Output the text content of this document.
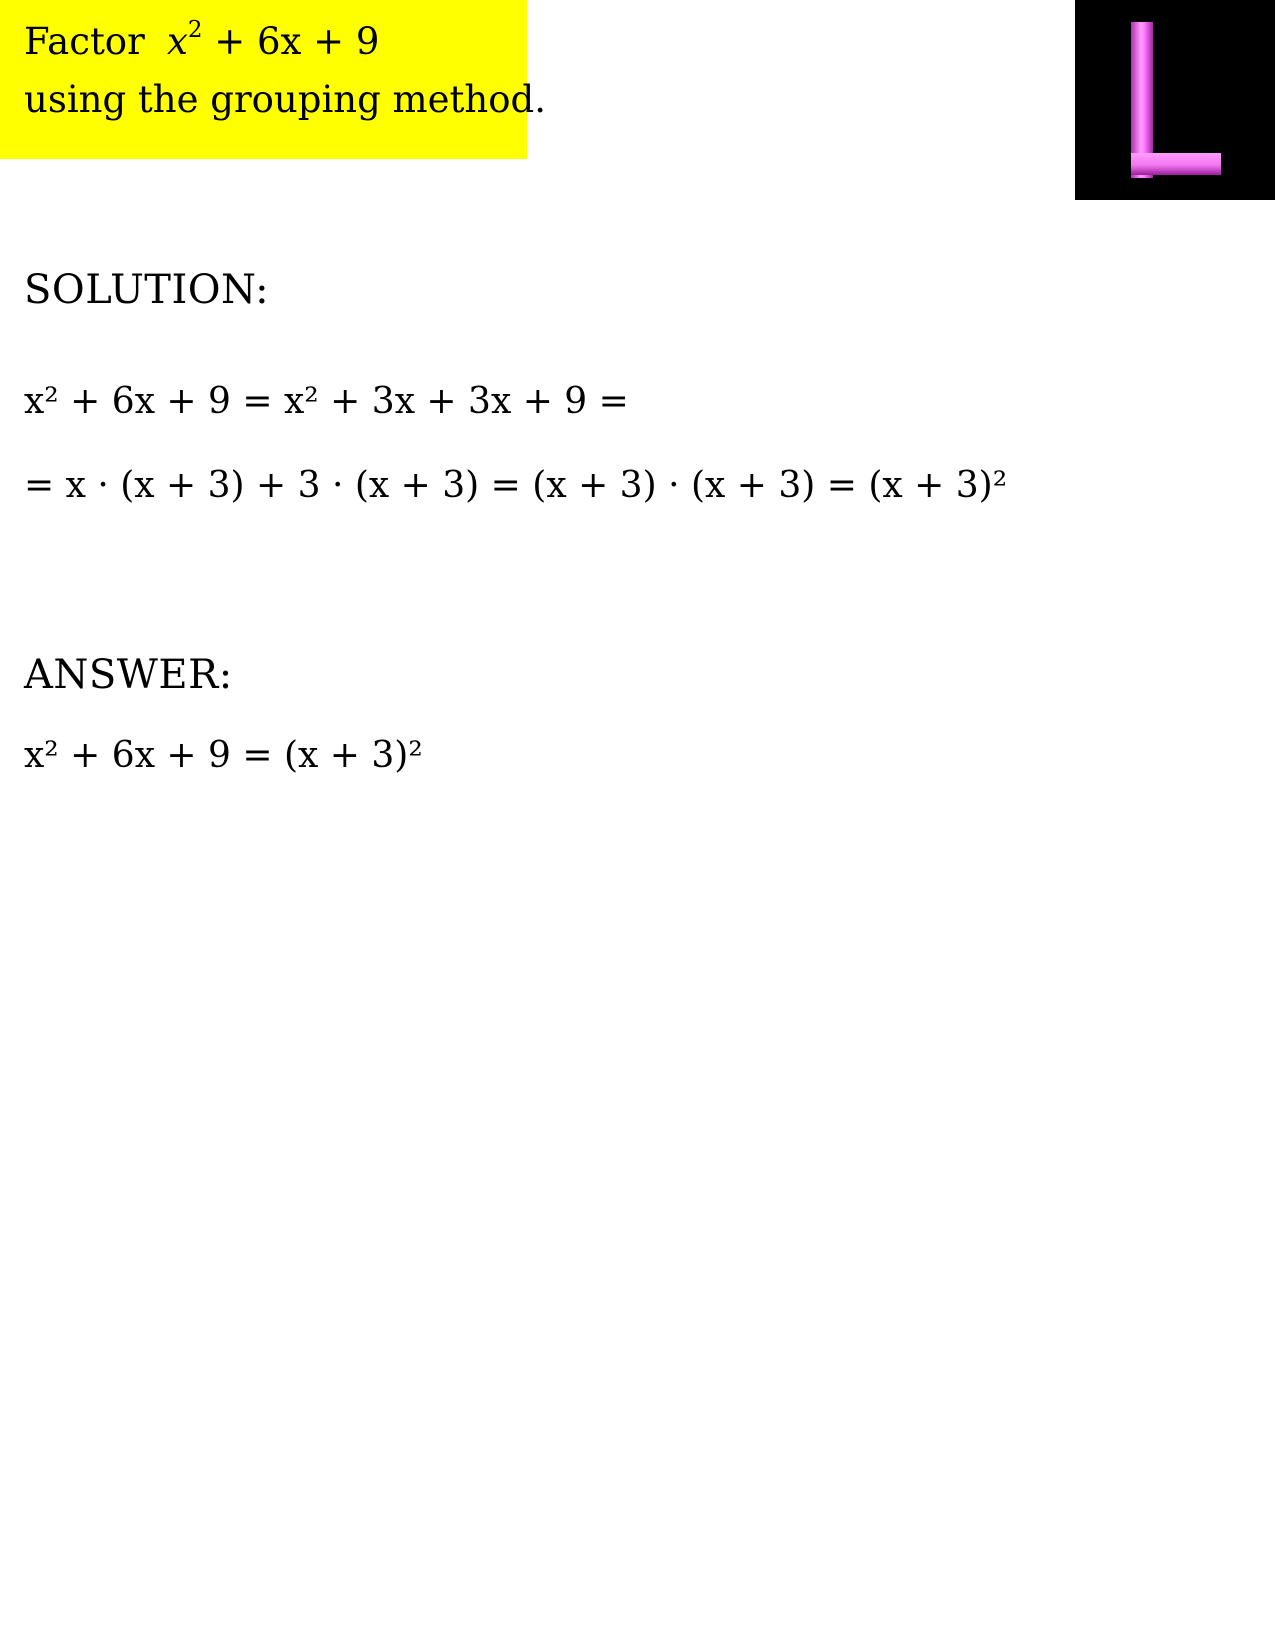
Factor $x^2 + 6x + 9$
using the grouping method.
SOLUTION:
x² + 6x + 9 = x² + 3x + 3x + 9 =
= x · (x + 3) + 3 · (x + 3) = (x + 3) · (x + 3) = (x + 3)²
ANSWER:
x² + 6x + 9 = (x + 3)²
